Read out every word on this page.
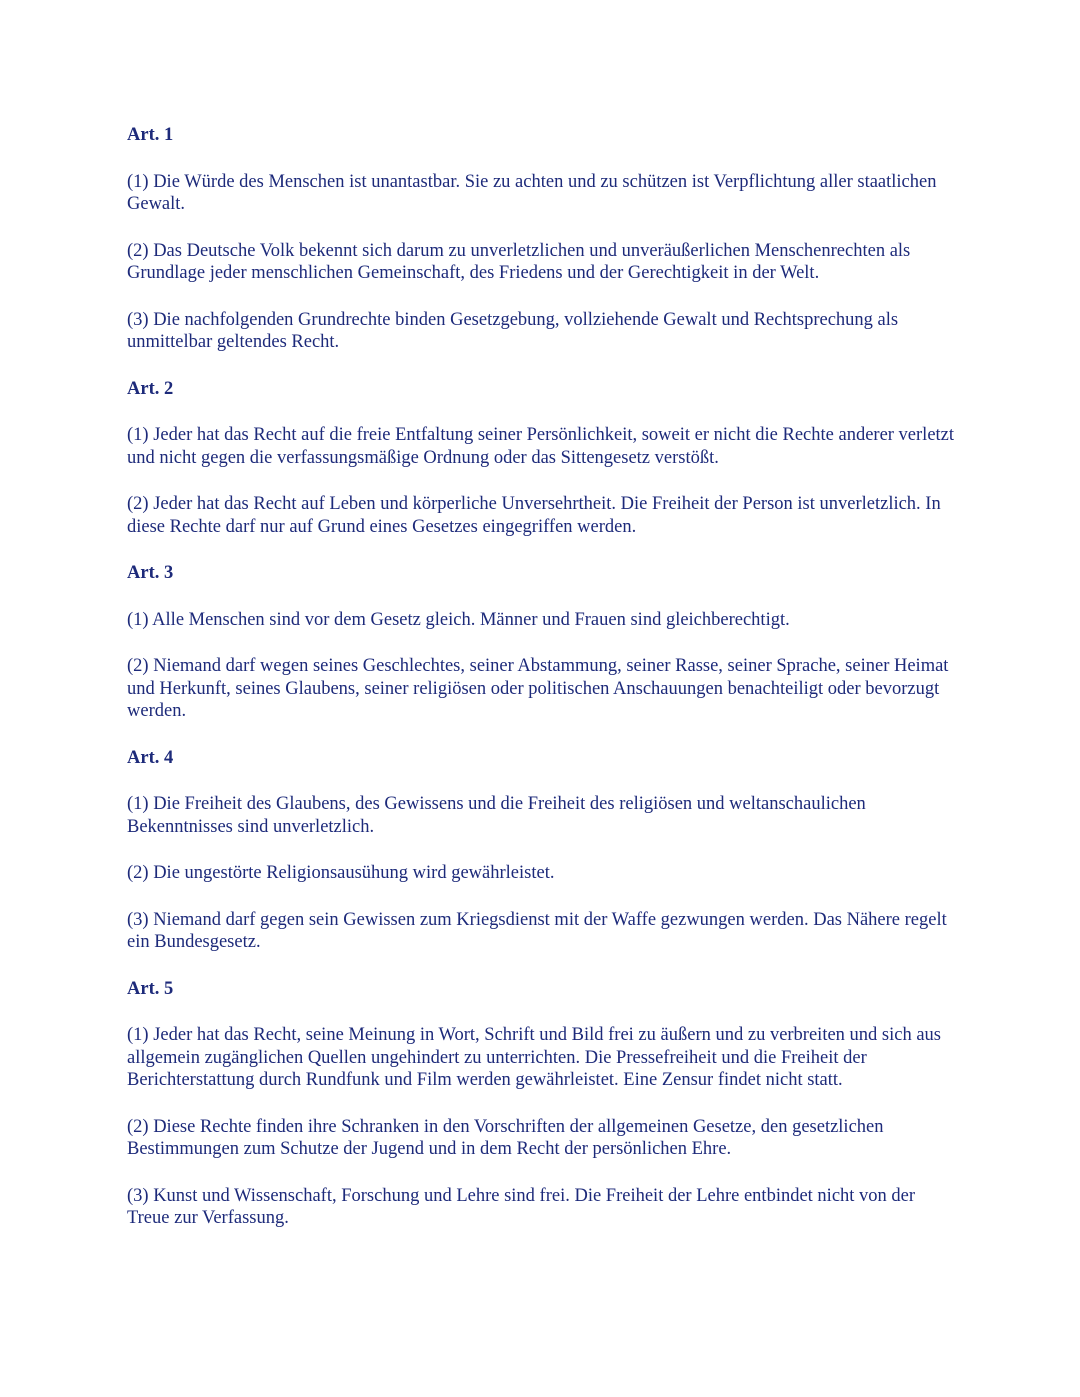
Art. 1

(1) Die Würde des Menschen ist unantastbar. Sie zu achten und zu schützen ist Verpflichtung aller staatlichen Gewalt.

(2) Das Deutsche Volk bekennt sich darum zu unverletzlichen und unveräußerlichen Menschenrechten als Grundlage jeder menschlichen Gemeinschaft, des Friedens und der Gerechtigkeit in der Welt.

(3) Die nachfolgenden Grundrechte binden Gesetzgebung, vollziehende Gewalt und Rechtsprechung als unmittelbar geltendes Recht.

Art. 2

(1) Jeder hat das Recht auf die freie Entfaltung seiner Persönlichkeit, soweit er nicht die Rechte anderer verletzt und nicht gegen die verfassungsmäßige Ordnung oder das Sittengesetz verstößt.

(2) Jeder hat das Recht auf Leben und körperliche Unversehrtheit. Die Freiheit der Person ist unverletzlich. In diese Rechte darf nur auf Grund eines Gesetzes eingegriffen werden.

Art. 3

(1) Alle Menschen sind vor dem Gesetz gleich. Männer und Frauen sind gleichberechtigt.

(2) Niemand darf wegen seines Geschlechtes, seiner Abstammung, seiner Rasse, seiner Sprache, seiner Heimat und Herkunft, seines Glaubens, seiner religiösen oder politischen Anschauungen benachteiligt oder bevorzugt werden.

Art. 4

(1) Die Freiheit des Glaubens, des Gewissens und die Freiheit des religiösen und weltanschaulichen Bekenntnisses sind unverletzlich.

(2) Die ungestörte Religionsausühung wird gewährleistet.

(3) Niemand darf gegen sein Gewissen zum Kriegsdienst mit der Waffe gezwungen werden. Das Nähere regelt ein Bundesgesetz.

Art. 5

(1) Jeder hat das Recht, seine Meinung in Wort, Schrift und Bild frei zu äußern und zu verbreiten und sich aus allgemein zugänglichen Quellen ungehindert zu unterrichten. Die Pressefreiheit und die Freiheit der Berichterstattung durch Rundfunk und Film werden gewährleistet. Eine Zensur findet nicht statt.

(2) Diese Rechte finden ihre Schranken in den Vorschriften der allgemeinen Gesetze, den gesetzlichen Bestimmungen zum Schutze der Jugend und in dem Recht der persönlichen Ehre.

(3) Kunst und Wissenschaft, Forschung und Lehre sind frei. Die Freiheit der Lehre entbindet nicht von der Treue zur Verfassung.
